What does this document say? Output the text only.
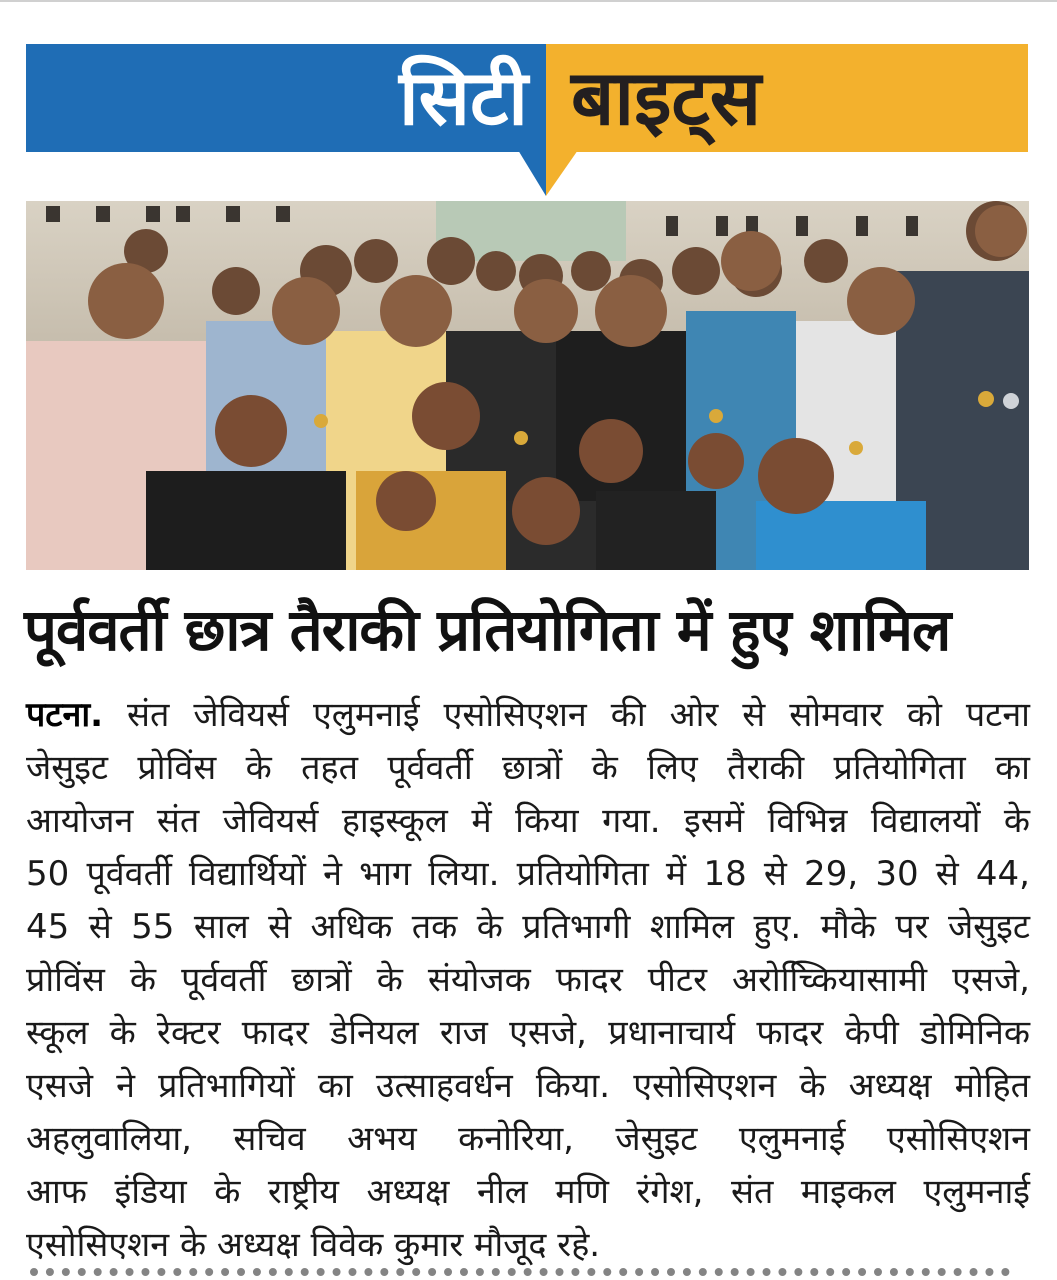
सिटी बाइट्स
पूर्ववर्ती छात्र तैराकी प्रतियोगिता में हुए शामिल
पटना. संत जेवियर्स एलुमनाई एसोसिएशन की ओर से सोमवार को पटना
जेसुइट प्रोविंस के तहत पूर्ववर्ती छात्रों के लिए तैराकी प्रतियोगिता का
आयोजन संत जेवियर्स हाइस्कूल में किया गया. इसमें विभिन्न विद्यालयों के
50 पूर्ववर्ती विद्यार्थियों ने भाग लिया. प्रतियोगिता में 18 से 29, 30 से 44,
45 से 55 साल से अधिक तक के प्रतिभागी शामिल हुए. मौके पर जेसुइट
प्रोविंस के पूर्ववर्ती छात्रों के संयोजक फादर पीटर अरोच्किियासामी एसजे,
स्कूल के रेक्टर फादर डेनियल राज एसजे, प्रधानाचार्य फादर केपी डोमिनिक
एसजे ने प्रतिभागियों का उत्साहवर्धन किया. एसोसिएशन के अध्यक्ष मोहित
अहलुवालिया, सचिव अभय कनोरिया, जेसुइट एलुमनाई एसोसिएशन
आफ इंडिया के राष्ट्रीय अध्यक्ष नील मणि रंगेश, संत माइकल एलुमनाई
एसोसिएशन के अध्यक्ष विवेक कुमार मौजूद रहे.
